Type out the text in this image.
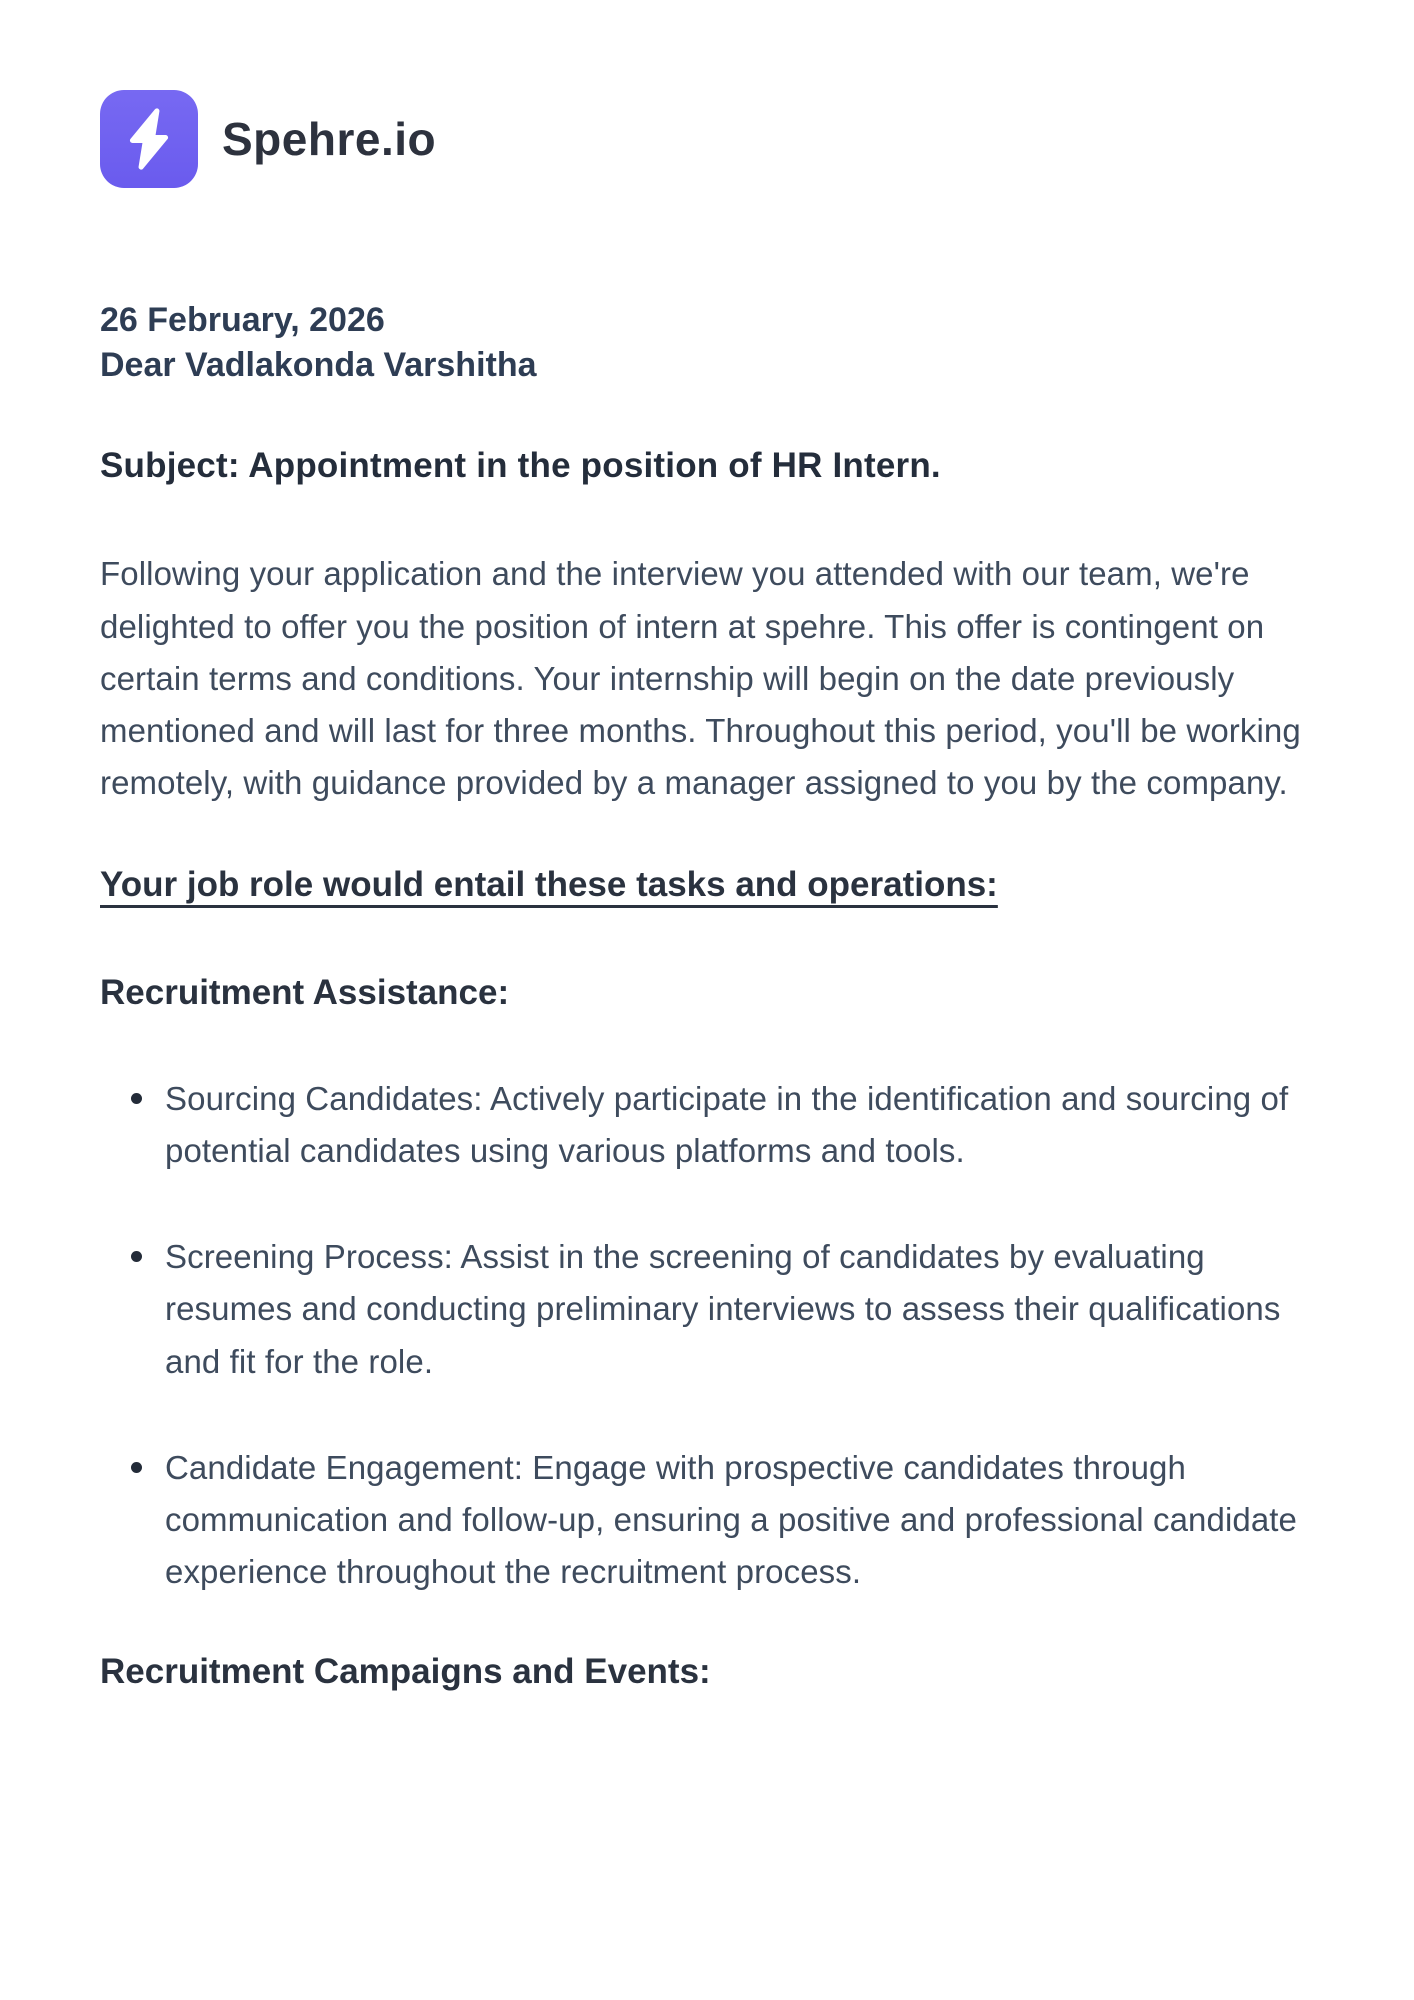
Spehre.io
26 February, 2026
Dear Vadlakonda Varshitha
Subject: Appointment in the position of HR Intern.
Following your application and the interview you attended with our team, we're delighted to offer you the position of intern at spehre. This offer is contingent on certain terms and conditions. Your internship will begin on the date previously mentioned and will last for three months. Throughout this period, you'll be working remotely, with guidance provided by a manager assigned to you by the company.
Your job role would entail these tasks and operations:
Recruitment Assistance:
Sourcing Candidates: Actively participate in the identification and sourcing of potential candidates using various platforms and tools.
Screening Process: Assist in the screening of candidates by evaluating resumes and conducting preliminary interviews to assess their qualifications and fit for the role.
Candidate Engagement: Engage with prospective candidates through communication and follow-up, ensuring a positive and professional candidate experience throughout the recruitment process.
Recruitment Campaigns and Events:
